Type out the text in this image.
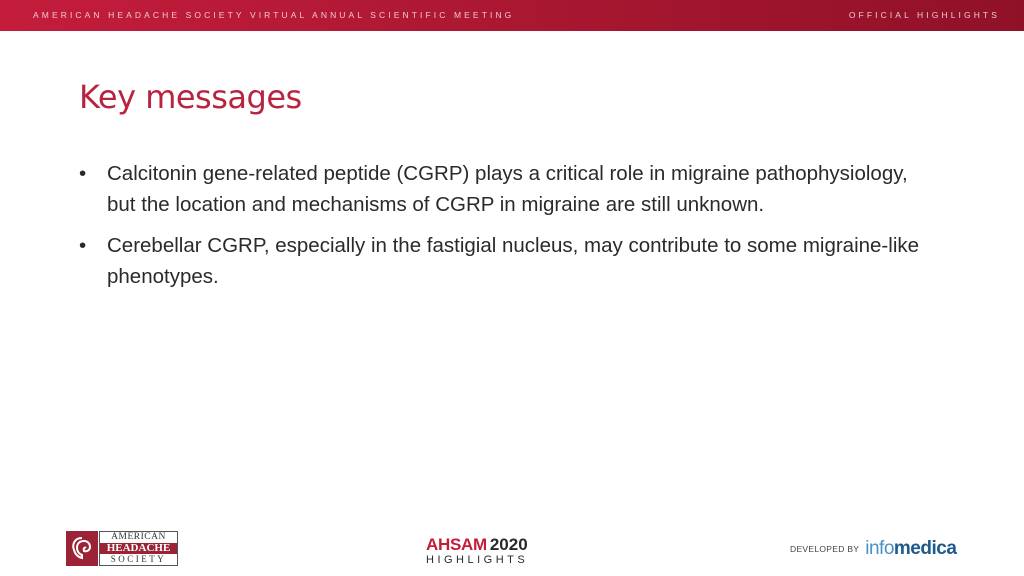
AMERICAN HEADACHE SOCIETY VIRTUAL ANNUAL SCIENTIFIC MEETING	OFFICIAL HIGHLIGHTS
Key messages
• Calcitonin gene-related peptide (CGRP) plays a critical role in migraine pathophysiology, but the location and mechanisms of CGRP in migraine are still unknown.
• Cerebellar CGRP, especially in the fastigial nucleus, may contribute to some migraine-like phenotypes.
AMERICAN
HEADACHE
SOCIETY
AHSAM 2020
HIGHLIGHTS
DEVELOPED BY infomedica
